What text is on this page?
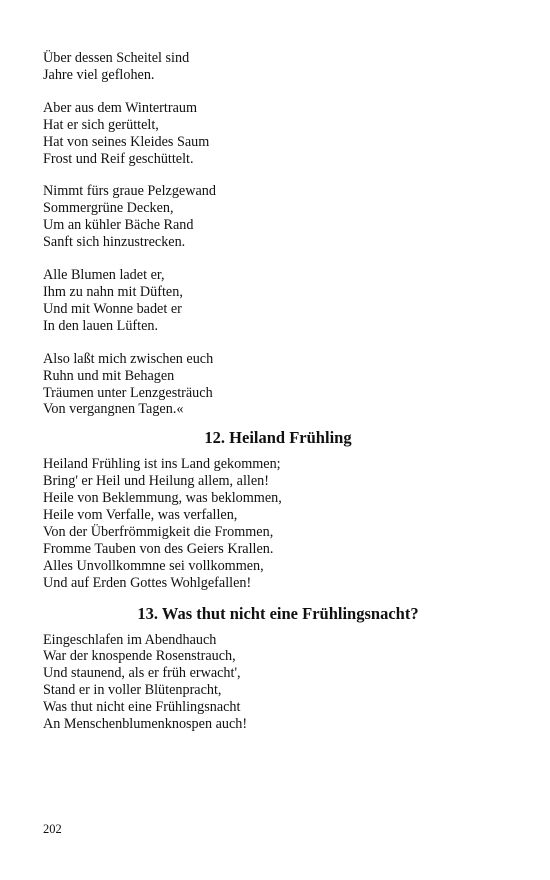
Über dessen Scheitel sind
Jahre viel geflohen.
Aber aus dem Wintertraum
Hat er sich gerüttelt,
Hat von seines Kleides Saum
Frost und Reif geschüttelt.
Nimmt fürs graue Pelzgewand
Sommergrüne Decken,
Um an kühler Bäche Rand
Sanft sich hinzustrecken.
Alle Blumen ladet er,
Ihm zu nahn mit Düften,
Und mit Wonne badet er
In den lauen Lüften.
Also laßt mich zwischen euch
Ruhn und mit Behagen
Träumen unter Lenzgesträuch
Von vergangnen Tagen.«
12. Heiland Frühling
Heiland Frühling ist ins Land gekommen;
Bring' er Heil und Heilung allem, allen!
Heile von Beklemmung, was beklommen,
Heile vom Verfalle, was verfallen,
Von der Überfrömmigkeit die Frommen,
Fromme Tauben von des Geiers Krallen.
Alles Unvollkommne sei vollkommen,
Und auf Erden Gottes Wohlgefallen!
13. Was thut nicht eine Frühlingsnacht?
Eingeschlafen im Abendhauch
War der knospende Rosenstrauch,
Und staunend, als er früh erwacht',
Stand er in voller Blütenpracht,
Was thut nicht eine Frühlingsnacht
An Menschenblumenknospen auch!
202
